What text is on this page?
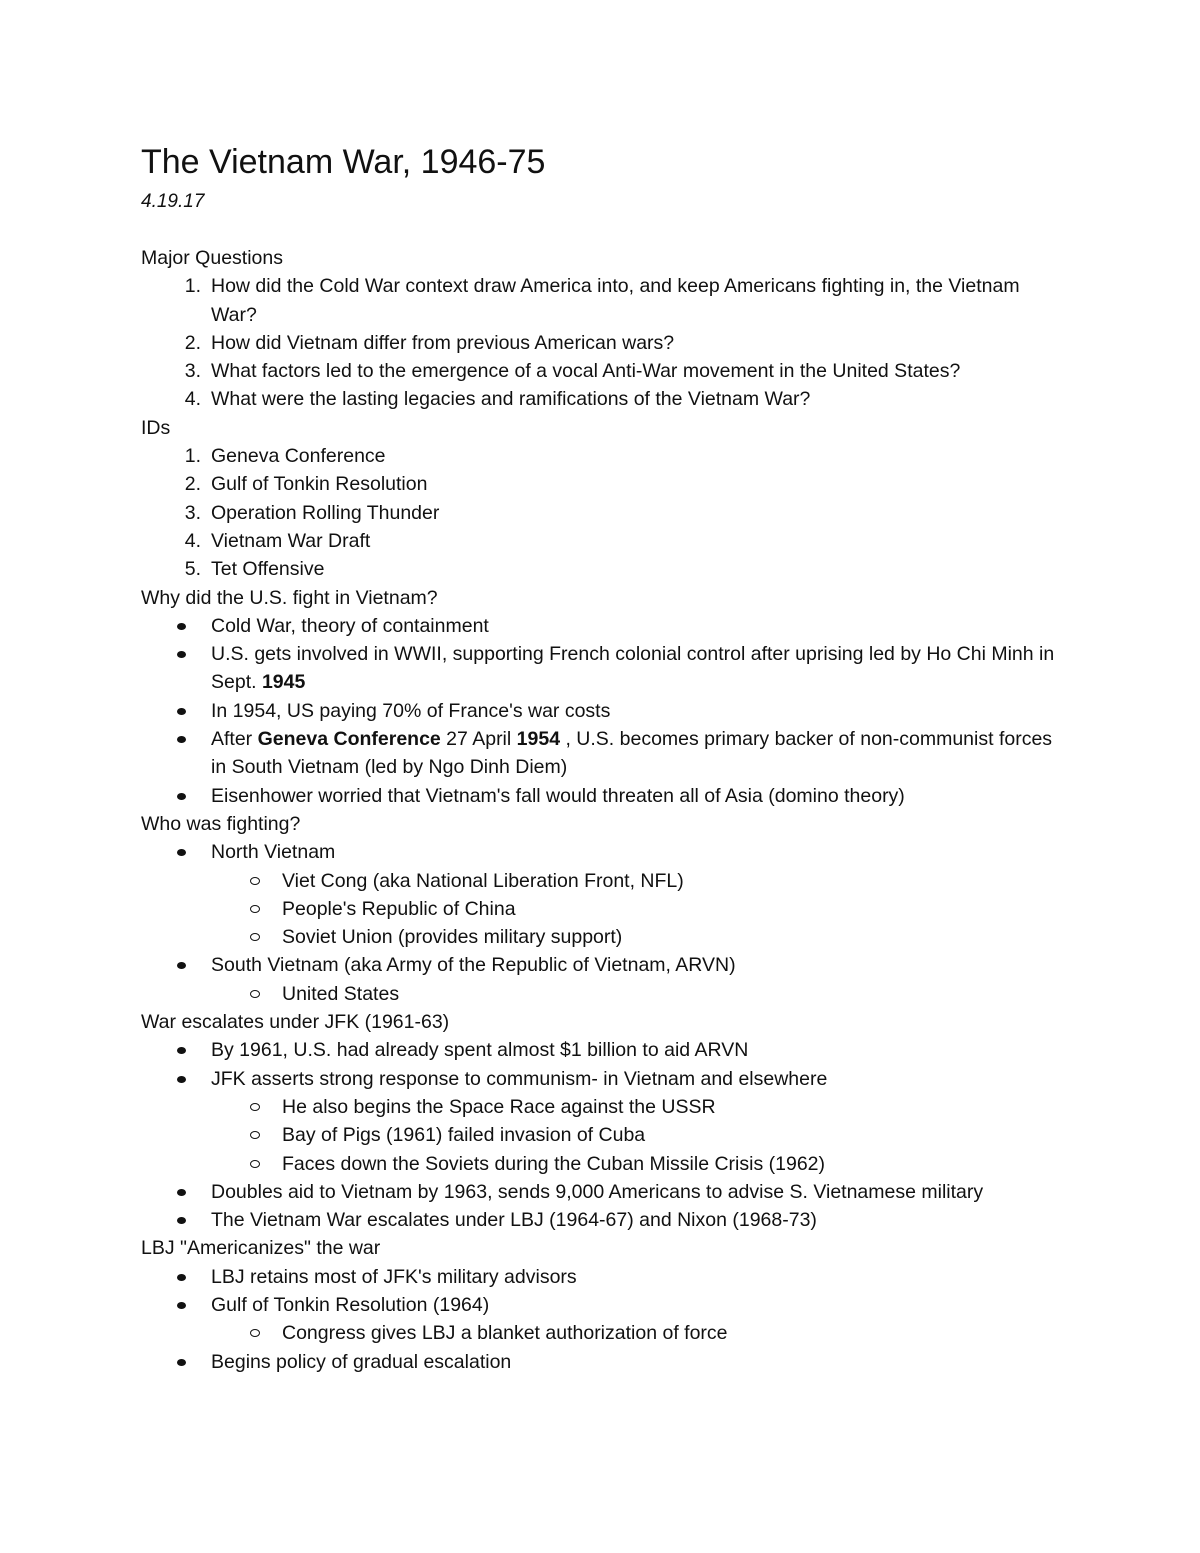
The Vietnam War, 1946-75
4.19.17

Major Questions

1 . How did the Cold War context draw America into, and keep Americans fighting in, the Vietnam War?
2 . How did Vietnam differ from previous American wars?
3 . What factors led to the emergence of a vocal Anti-War movement in the United States?
4 . What were the lasting legacies and ramifications of the Vietnam War?

IDs

1 . Geneva Conference
2 . Gulf of Tonkin Resolution
3 . Operation Rolling Thunder
4 . Vietnam War Draft
5 . Tet Offensive

Why did the U.S. fight in Vietnam?

Cold War, theory of containment
U.S. gets involved in WWII, supporting French colonial control after uprising led by Ho Chi Minh in Sept. 1945
In 1954, US paying 70% of France's war costs
After Geneva Conference 27 April 1954 , U.S. becomes primary backer of non-communist forces in South Vietnam (led by Ngo Dinh Diem)
Eisenhower worried that Vietnam's fall would threaten all of Asia (domino theory)

Who was fighting?

North Vietnam
Viet Cong (aka National Liberation Front, NFL)
People's Republic of China
Soviet Union (provides military support)
South Vietnam (aka Army of the Republic of Vietnam, ARVN)
United States

War escalates under JFK (1961-63)

By 1961, U.S. had already spent almost $1 billion to aid ARVN
JFK asserts strong response to communism- in Vietnam and elsewhere
He also begins the Space Race against the USSR
Bay of Pigs (1961) failed invasion of Cuba
Faces down the Soviets during the Cuban Missile Crisis (1962)
Doubles aid to Vietnam by 1963, sends 9,000 Americans to advise S. Vietnamese military
The Vietnam War escalates under LBJ (1964-67) and Nixon (1968-73)

LBJ "Americanizes" the war

LBJ retains most of JFK's military advisors
Gulf of Tonkin Resolution (1964)
Congress gives LBJ a blanket authorization of force
Begins policy of gradual escalation
